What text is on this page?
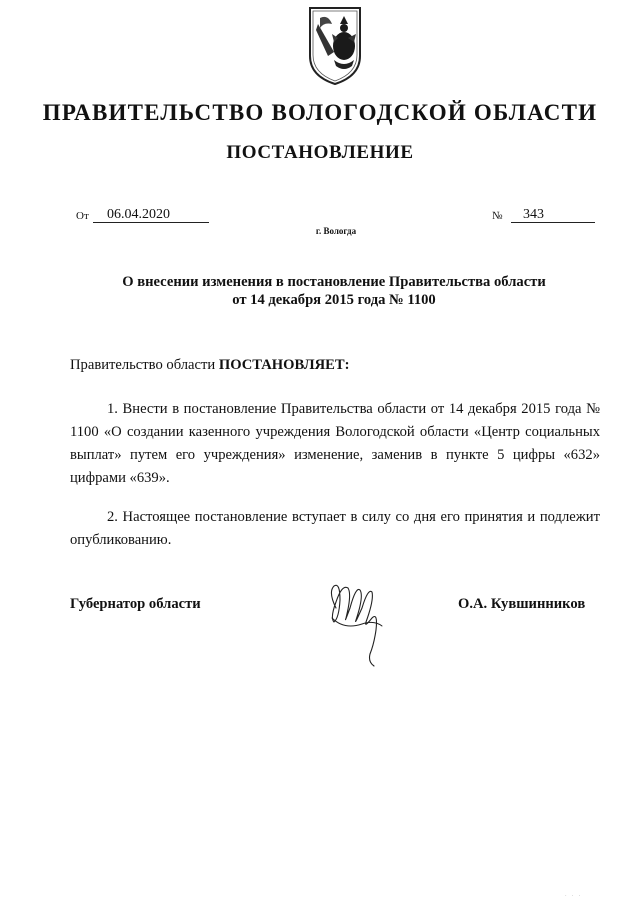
ПРАВИТЕЛЬСТВО ВОЛОГОДСКОЙ ОБЛАСТИ
ПОСТАНОВЛЕНИЕ
От	06.04.2020	№	343
г. Вологда
О внесении изменения в постановление Правительства области
от 14 декабря 2015 года № 1100
Правительство области ПОСТАНОВЛЯЕТ:
1. Внести в постановление Правительства области от 14 декабря 2015 года № 1100 «О создании казенного учреждения Вологодской области «Центр социальных выплат» путем его учреждения» изменение, заменив в пункте 5 цифры «632» цифрами «639».
2. Настоящее постановление вступает в силу со дня его принятия и подлежит опубликованию.
Губернатор области	О.А. Кувшинников
· · ·
